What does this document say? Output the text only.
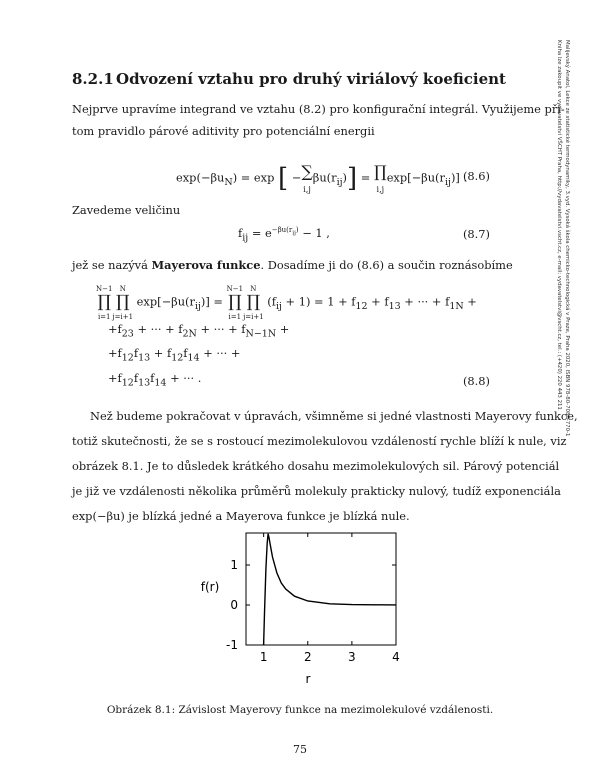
8.2.1 Odvození vztahu pro druhý viriálový koeficient
Nejprve upravíme integrand ve vztahu (8.2) pro konfigurační integrál. Využijeme při-
tom pravidlo párové aditivity pro potenciální energii
$\exp(-\beta u_N) = \exp$ [ −∑
$i,j\beta u(r_{ij})$] = ∏
$i,jexp[-\beta u(r_{ij})]$ .
(8.6)
Zavedeme veličinu
$f_{ij} = e^{-\beta u(r_{ij})} - 1$ ,	(8.7)
jež se nazývá Mayerova funkce. Dosadíme ji do (8.6) a součin roznásobíme
N−1
∏
i=1N
∏
j=i+1 $\exp[-\beta u(r_{ij})] = N-1$
∏
i=1N
∏
j=i+1 $(f_{ij} + 1) = 1 + f_{12} + f_{13}$ + ··· + $f_{1N}$ +
$+f_{23}$ + ··· + $f_{2N}$ + ··· + $f_{N-1N}$ +
$+f_{12}f_{13} + f_{12}f_{14}$ + ··· +
$+f_{12}f_{13}f_{14}$ + ··· .	(8.8)
Než budeme pokračovat v úpravách, všimněme si jedné vlastnosti Mayerovy funkce,
totiž skutečnosti, že se s rostoucí mezimolekulovou vzdáleností rychle blíží k nule, viz
obrázek 8.1. Je to důsledek krátkého dosahu mezimolekulových sil. Párový potenciál
je již ve vzdálenosti několika průměrů molekuly prakticky nulový, tudíž exponenciála
exp(−βu) je blízká jedné a Mayerova funkce je blízká nule.
1	2	3	4
1
0
-1
f(r)
r
Obrázek 8.1: Závislost Mayerovy funkce na mezimolekulové vzdálenosti.
75
Malijevský Anatol, Lekce ze statistické termodynamiky, 3.vyd. Vysoká škola chemicko-technologická v Praze, Praha 2020, ISBN 978-80-7080-770-1
Kniha lze zakoupit ve vydavatelství VŠCHT Praha, http://vydavatelstvi.vscht.cz, e-mail: vydavatelstvi@vscht.cz, tel.: (+420) 220 443 211
